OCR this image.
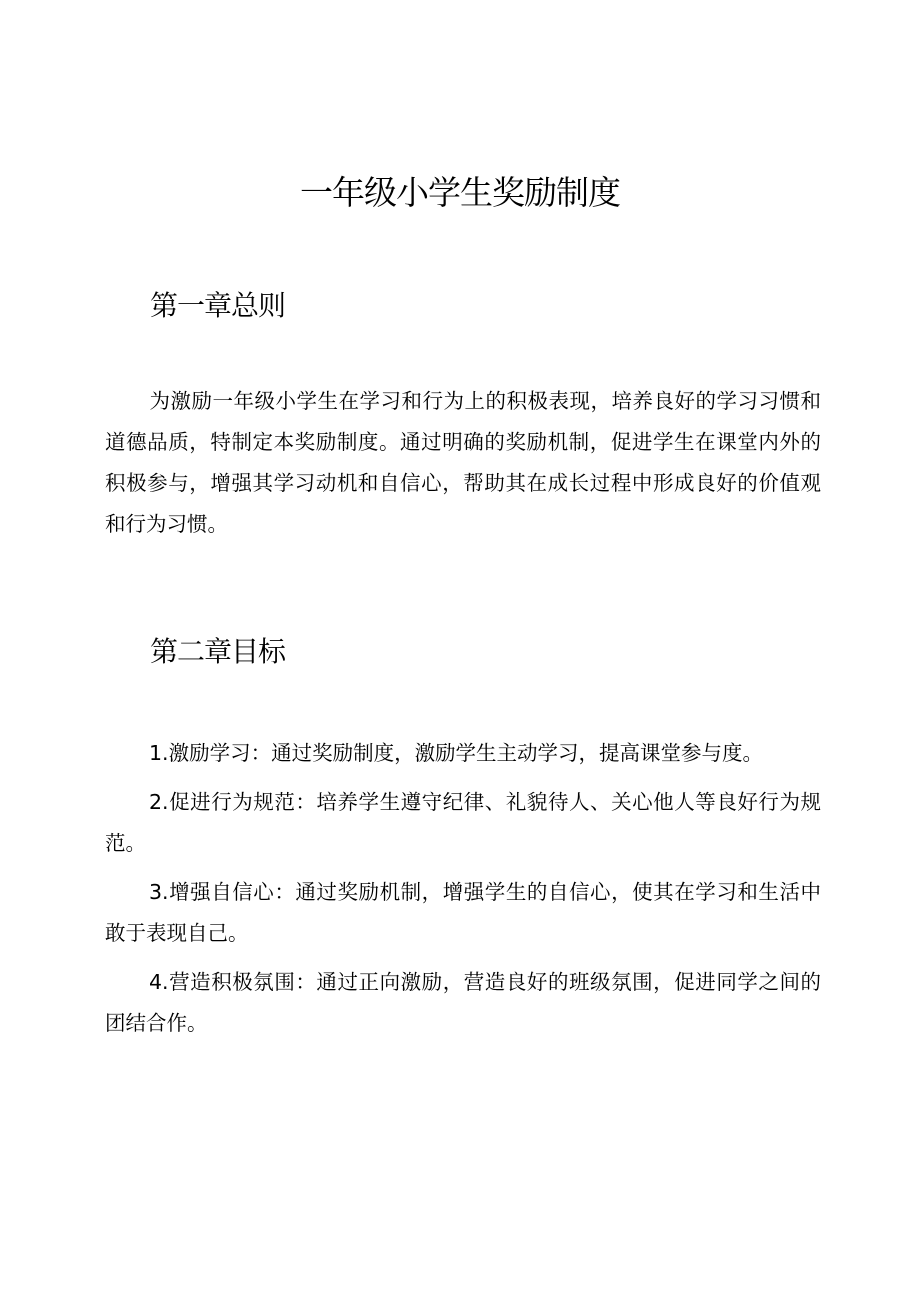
一年级小学生奖励制度
第一章总则
为激励一年级小学生在学习和行为上的积极表现，培养良好的学习习惯和道德品质，特制定本奖励制度。通过明确的奖励机制，促进学生在课堂内外的积极参与，增强其学习动机和自信心，帮助其在成长过程中形成良好的价值观和行为习惯。
第二章目标
1.激励学习：通过奖励制度，激励学生主动学习，提高课堂参与度。
2.促进行为规范：培养学生遵守纪律、礼貌待人、关心他人等良好行为规范。
3.增强自信心：通过奖励机制，增强学生的自信心，使其在学习和生活中敢于表现自己。
4.营造积极氛围：通过正向激励，营造良好的班级氛围，促进同学之间的团结合作。
